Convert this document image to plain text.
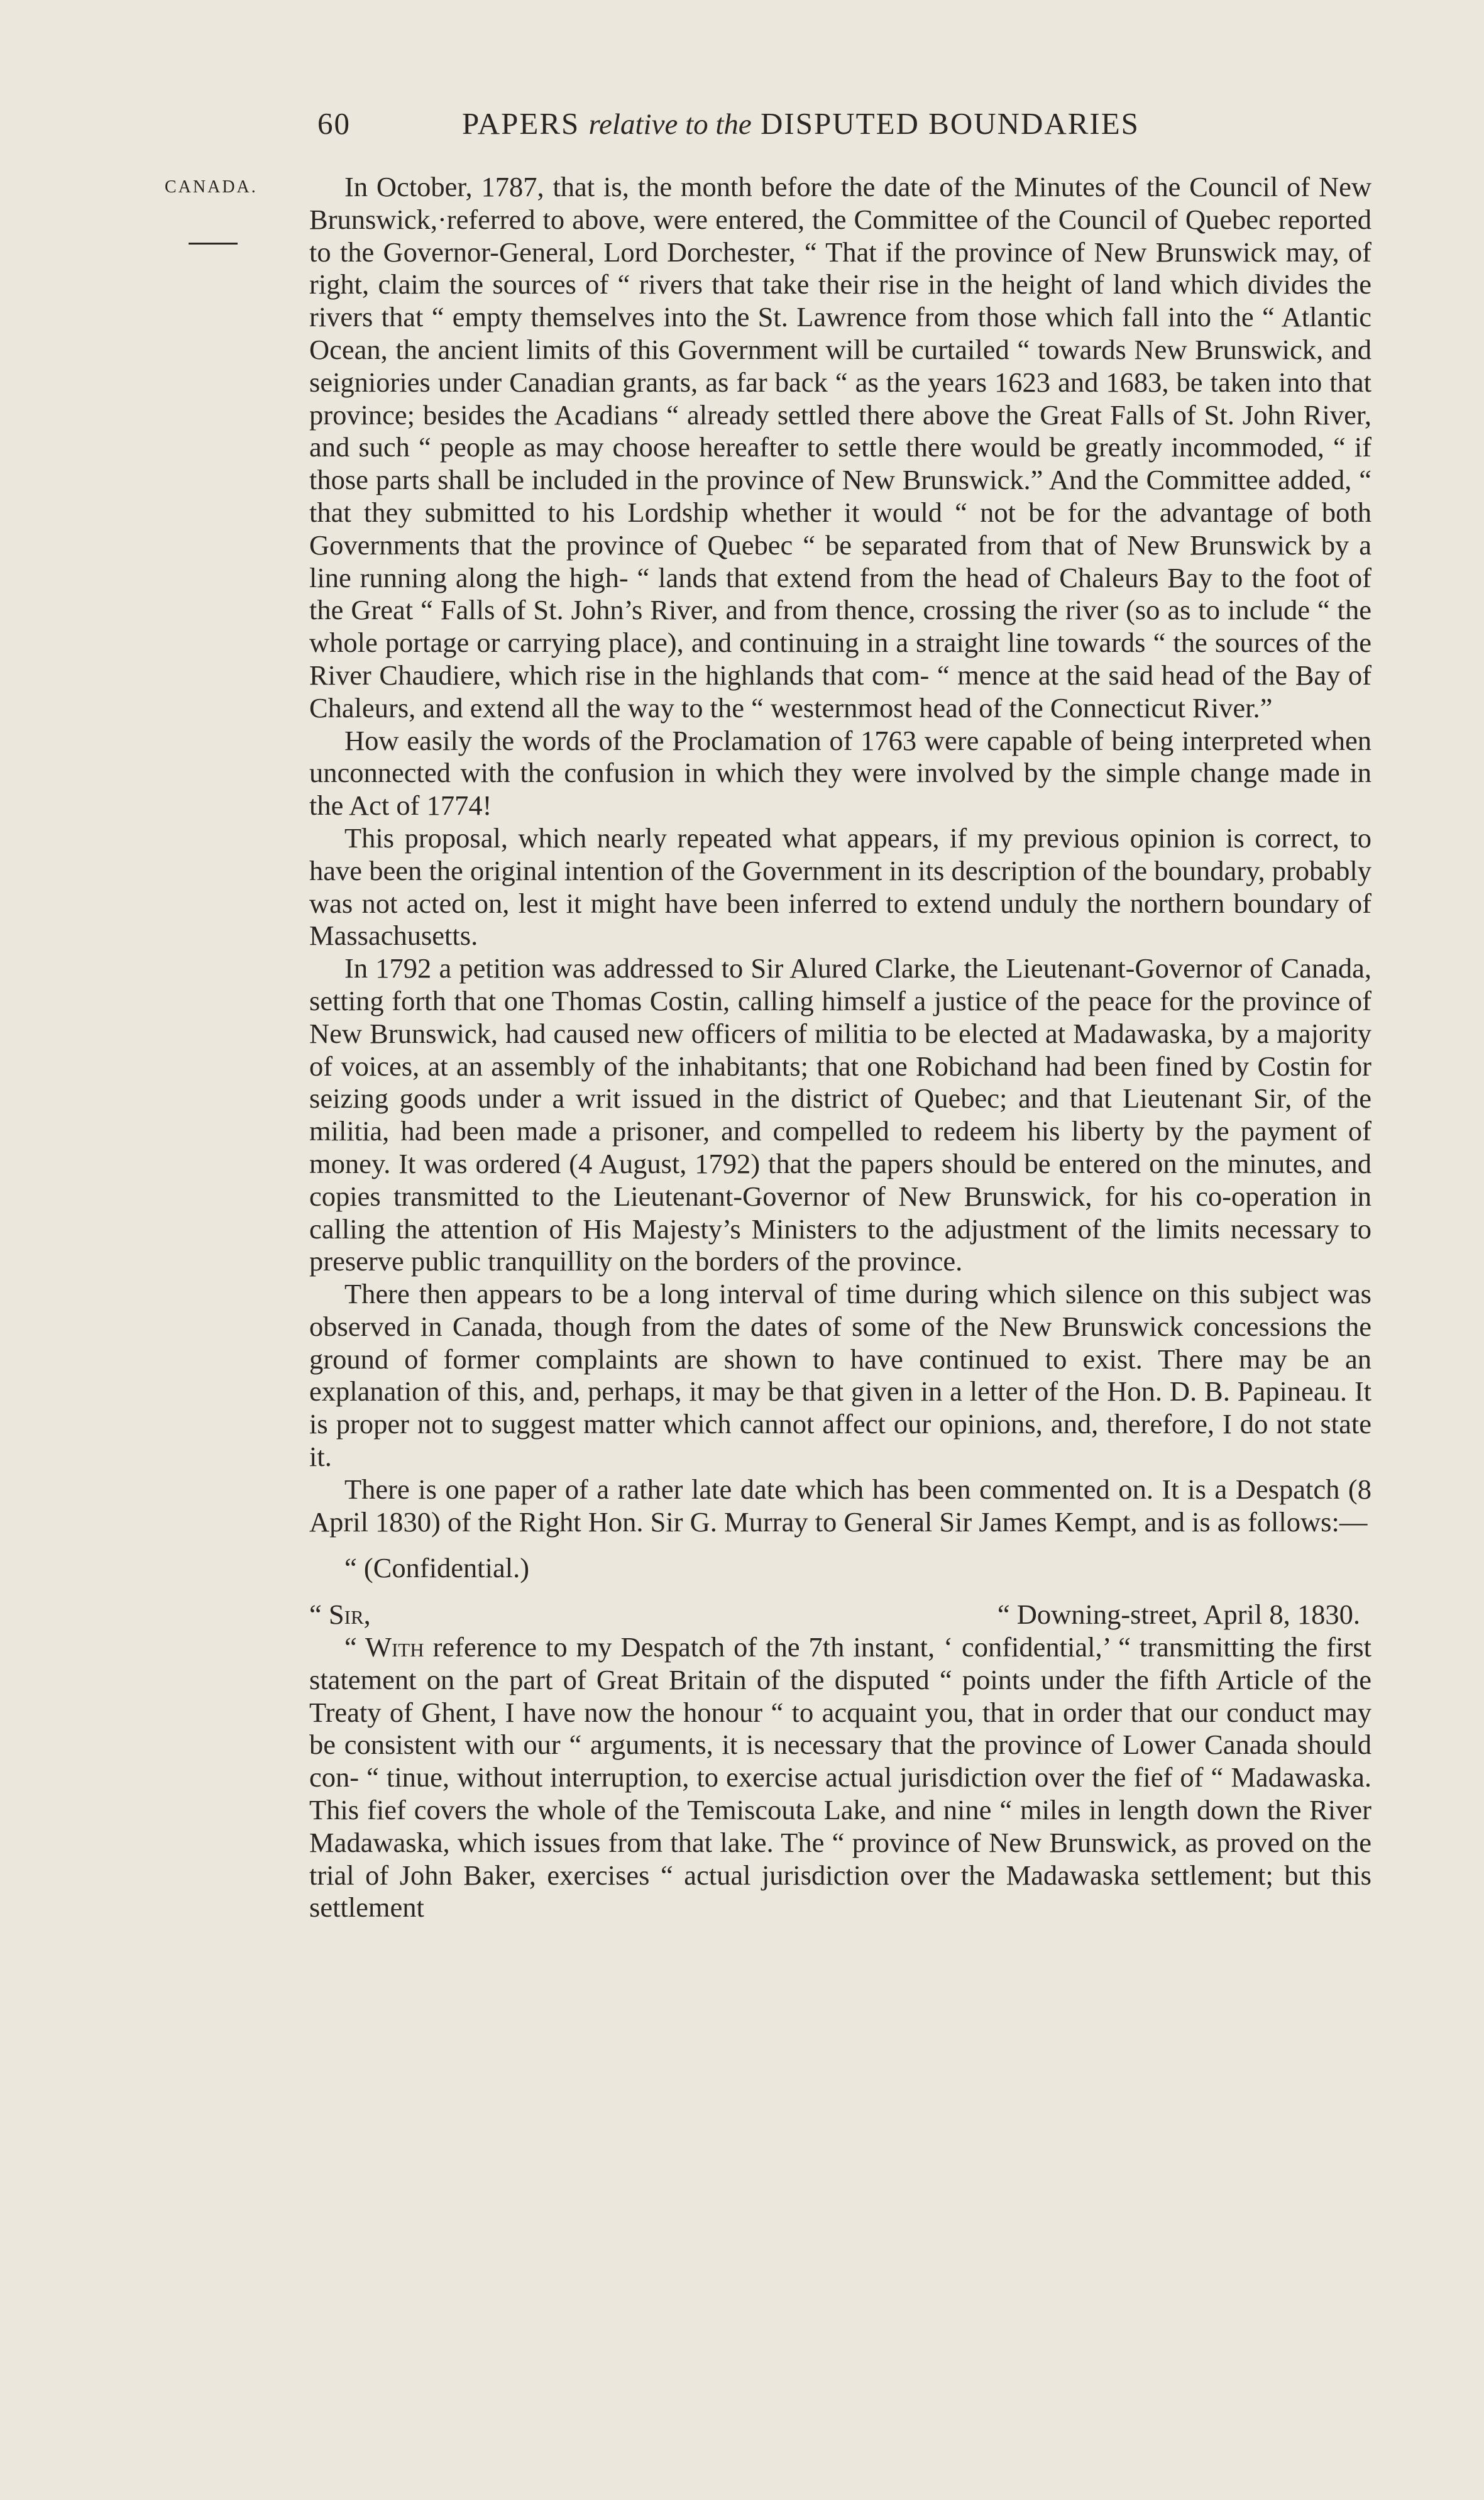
60	PAPERS relative to the DISPUTED BOUNDARIES
CANADA.	In October, 1787, that is, the month before the date of the Minutes of the Council of New Brunswick,·referred to above, were entered, the Committee of the Council of Quebec reported to the Governor-General, Lord Dorchester, “ That if the province of New Brunswick may, of right, claim the sources of “ rivers that take their rise in the height of land which divides the rivers that “ empty themselves into the St. Lawrence from those which fall into the “ Atlantic Ocean, the ancient limits of this Government will be curtailed “ towards New Brunswick, and seigniories under Canadian grants, as far back “ as the years 1623 and 1683, be taken into that province; besides the Acadians “ already settled there above the Great Falls of St. John River, and such “ people as may choose hereafter to settle there would be greatly incommoded, “ if those parts shall be included in the province of New Brunswick.” And the Committee added, “ that they submitted to his Lordship whether it would “ not be for the advantage of both Governments that the province of Quebec “ be separated from that of New Brunswick by a line running along the high- “ lands that extend from the head of Chaleurs Bay to the foot of the Great “ Falls of St. John’s River, and from thence, crossing the river (so as to include “ the whole portage or carrying place), and continuing in a straight line towards “ the sources of the River Chaudiere, which rise in the highlands that com- “ mence at the said head of the Bay of Chaleurs, and extend all the way to the “ westernmost head of the Connecticut River.”

How easily the words of the Proclamation of 1763 were capable of being interpreted when unconnected with the confusion in which they were involved by the simple change made in the Act of 1774!

This proposal, which nearly repeated what appears, if my previous opinion is correct, to have been the original intention of the Government in its description of the boundary, probably was not acted on, lest it might have been inferred to extend unduly the northern boundary of Massachusetts.

In 1792 a petition was addressed to Sir Alured Clarke, the Lieutenant-Governor of Canada, setting forth that one Thomas Costin, calling himself a justice of the peace for the province of New Brunswick, had caused new officers of militia to be elected at Madawaska, by a majority of voices, at an assembly of the inhabitants; that one Robichand had been fined by Costin for seizing goods under a writ issued in the district of Quebec; and that Lieutenant Sir, of the militia, had been made a prisoner, and compelled to redeem his liberty by the payment of money. It was ordered (4 August, 1792) that the papers should be entered on the minutes, and copies transmitted to the Lieutenant-Governor of New Brunswick, for his co-operation in calling the attention of His Majesty’s Ministers to the adjustment of the limits necessary to preserve public tranquillity on the borders of the province.

There then appears to be a long interval of time during which silence on this subject was observed in Canada, though from the dates of some of the New Brunswick concessions the ground of former complaints are shown to have continued to exist. There may be an explanation of this, and, perhaps, it may be that given in a letter of the Hon. D. B. Papineau. It is proper not to suggest matter which cannot affect our opinions, and, therefore, I do not state it.

There is one paper of a rather late date which has been commented on. It is a Despatch (8 April 1830) of the Right Hon. Sir G. Murray to General Sir James Kempt, and is as follows:—

“ (Confidential.)

“ Sir,	“ Downing-street, April 8, 1830.

“ With reference to my Despatch of the 7th instant, ‘ confidential,’ “ transmitting the first statement on the part of Great Britain of the disputed “ points under the fifth Article of the Treaty of Ghent, I have now the honour “ to acquaint you, that in order that our conduct may be consistent with our “ arguments, it is necessary that the province of Lower Canada should con- “ tinue, without interruption, to exercise actual jurisdiction over the fief of “ Madawaska. This fief covers the whole of the Temiscouta Lake, and nine “ miles in length down the River Madawaska, which issues from that lake. The “ province of New Brunswick, as proved on the trial of John Baker, exercises “ actual jurisdiction over the Madawaska settlement; but this settlement
